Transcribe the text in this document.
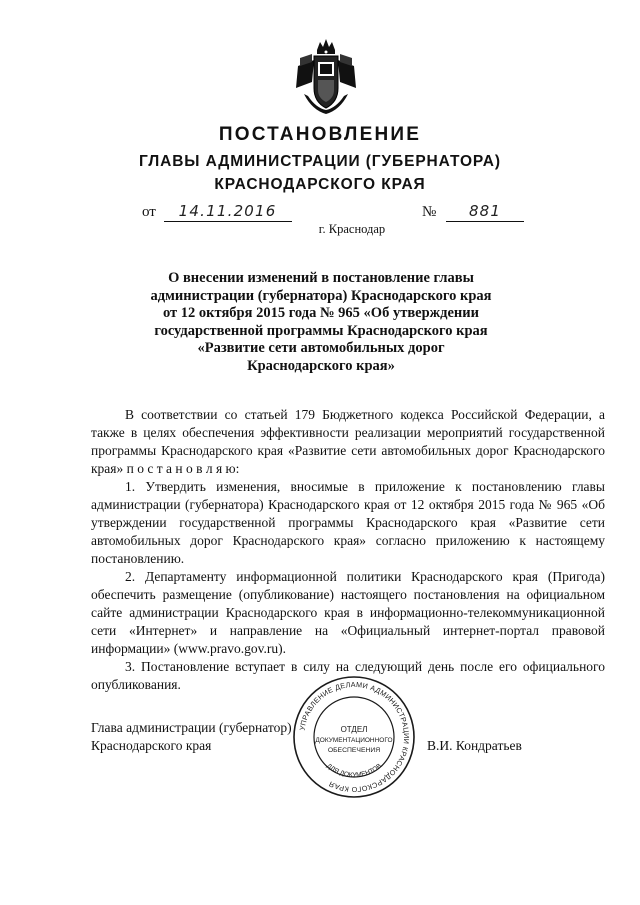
ПОСТАНОВЛЕНИЕ
ГЛАВЫ АДМИНИСТРАЦИИ (ГУБЕРНАТОРА)
КРАСНОДАРСКОГО КРАЯ
от 14.11.2016	№ 881
г. Краснодар
О внесении изменений в постановление главы
администрации (губернатора) Краснодарского края
от 12 октября 2015 года № 965 «Об утверждении
государственной программы Краснодарского края
«Развитие сети автомобильных дорог
Краснодарского края»

В соответствии со статьей 179 Бюджетного кодекса Российской Федерации, а также в целях обеспечения эффективности реализации мероприятий государственной программы Краснодарского края «Развитие сети автомобильных дорог Краснодарского края» п о с т а н о в л я ю:

1. Утвердить изменения, вносимые в приложение к постановлению главы администрации (губернатора) Краснодарского края от 12 октября 2015 года № 965 «Об утверждении государственной программы Краснодарского края «Развитие сети автомобильных дорог Краснодарского края» согласно приложению к настоящему постановлению.

2. Департаменту информационной политики Краснодарского края (Пригода) обеспечить размещение (опубликование) настоящего постановления на официальном сайте администрации Краснодарского края в информационно-телекоммуникационной сети «Интернет» и направление на «Официальный интернет-портал правовой информации» (www.pravo.gov.ru).

3. Постановление вступает в силу на следующий день после его официального опубликования.

Глава администрации (губернатор)
Краснодарского края	В.И. Кондратьев
УПРАВЛЕНИЕ ДЕЛАМИ АДМИНИСТРАЦИИ КРАСНОДАРСКОГО КРАЯ
ДЛЯ ДОКУМЕНТОВ
ОТДЕЛ
ДОКУМЕНТАЦИОННОГО
ОБЕСПЕЧЕНИЯ
